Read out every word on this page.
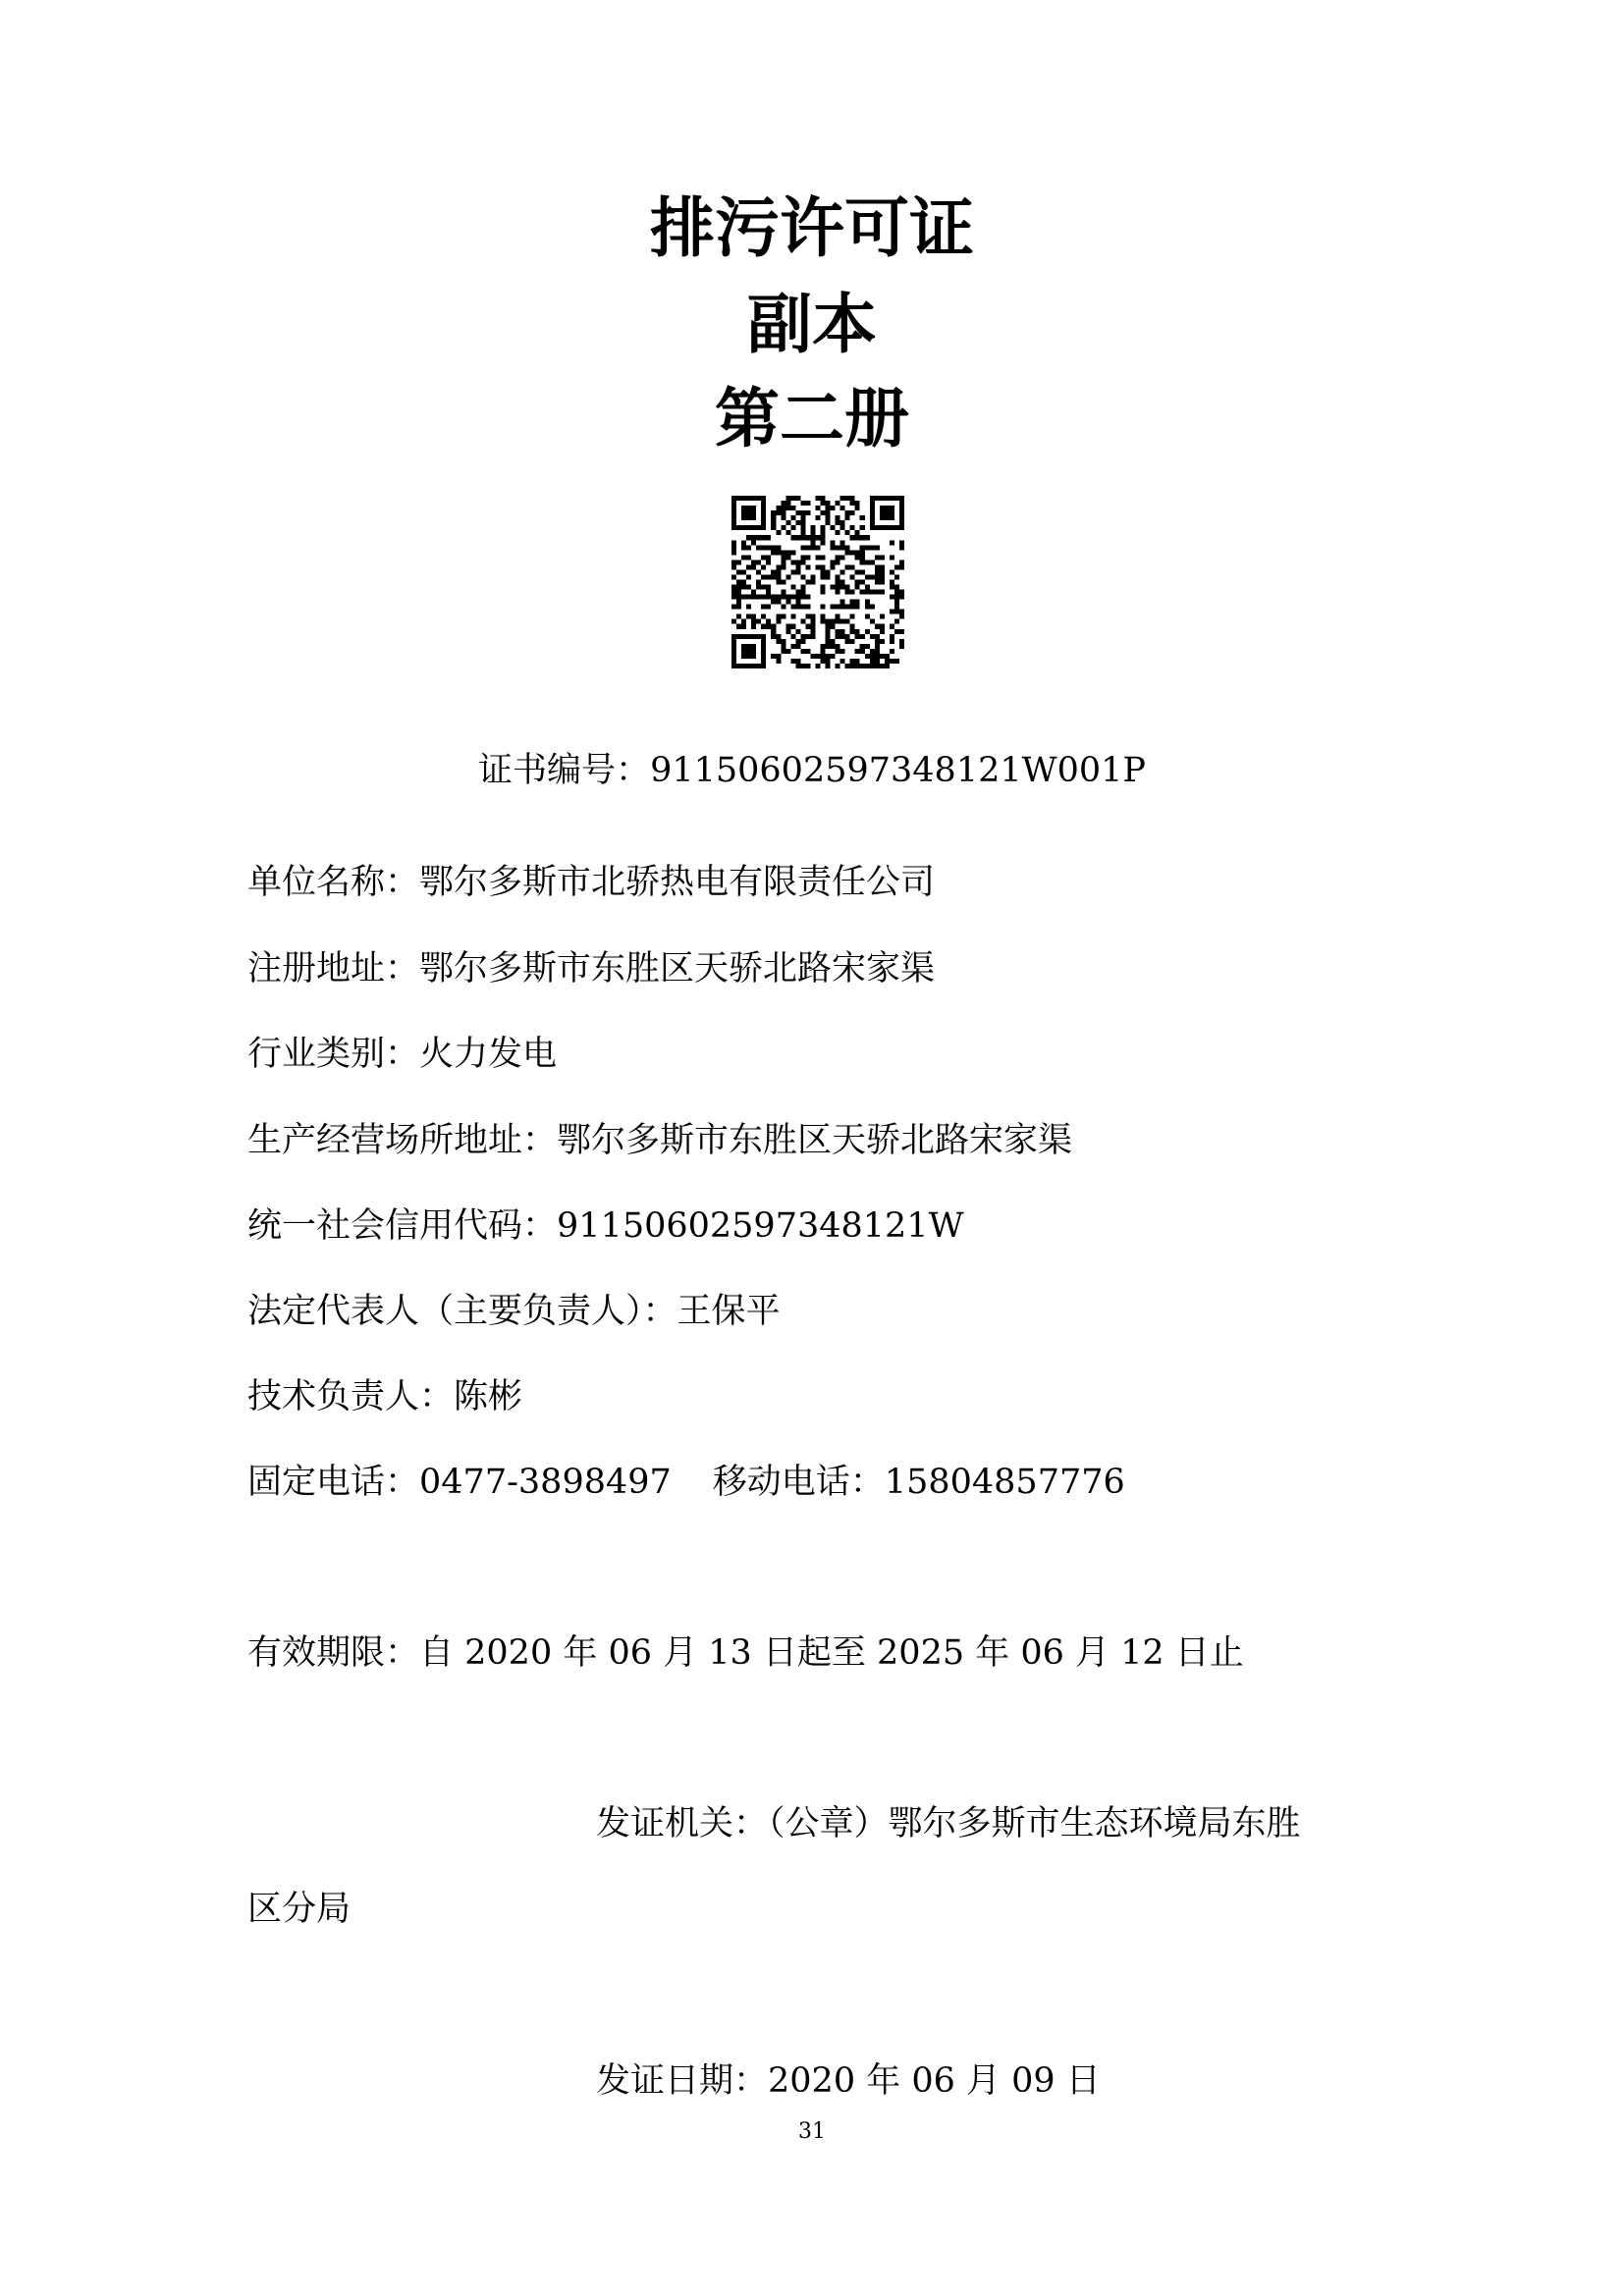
排污许可证
副本
第二册
证书编号：91150602597348121W001P
单位名称：鄂尔多斯市北骄热电有限责任公司
注册地址：鄂尔多斯市东胜区天骄北路宋家渠
行业类别：火力发电
生产经营场所地址：鄂尔多斯市东胜区天骄北路宋家渠
统一社会信用代码：91150602597348121W
法定代表人（主要负责人）：王保平
技术负责人：陈彬
固定电话：0477-3898497 移动电话：15804857776
有效期限：自 2020 年 06 月 13 日起至 2025 年 06 月 12 日止
发证机关：（公章）鄂尔多斯市生态环境局东胜
区分局
发证日期：2020 年 06 月 09 日
31
